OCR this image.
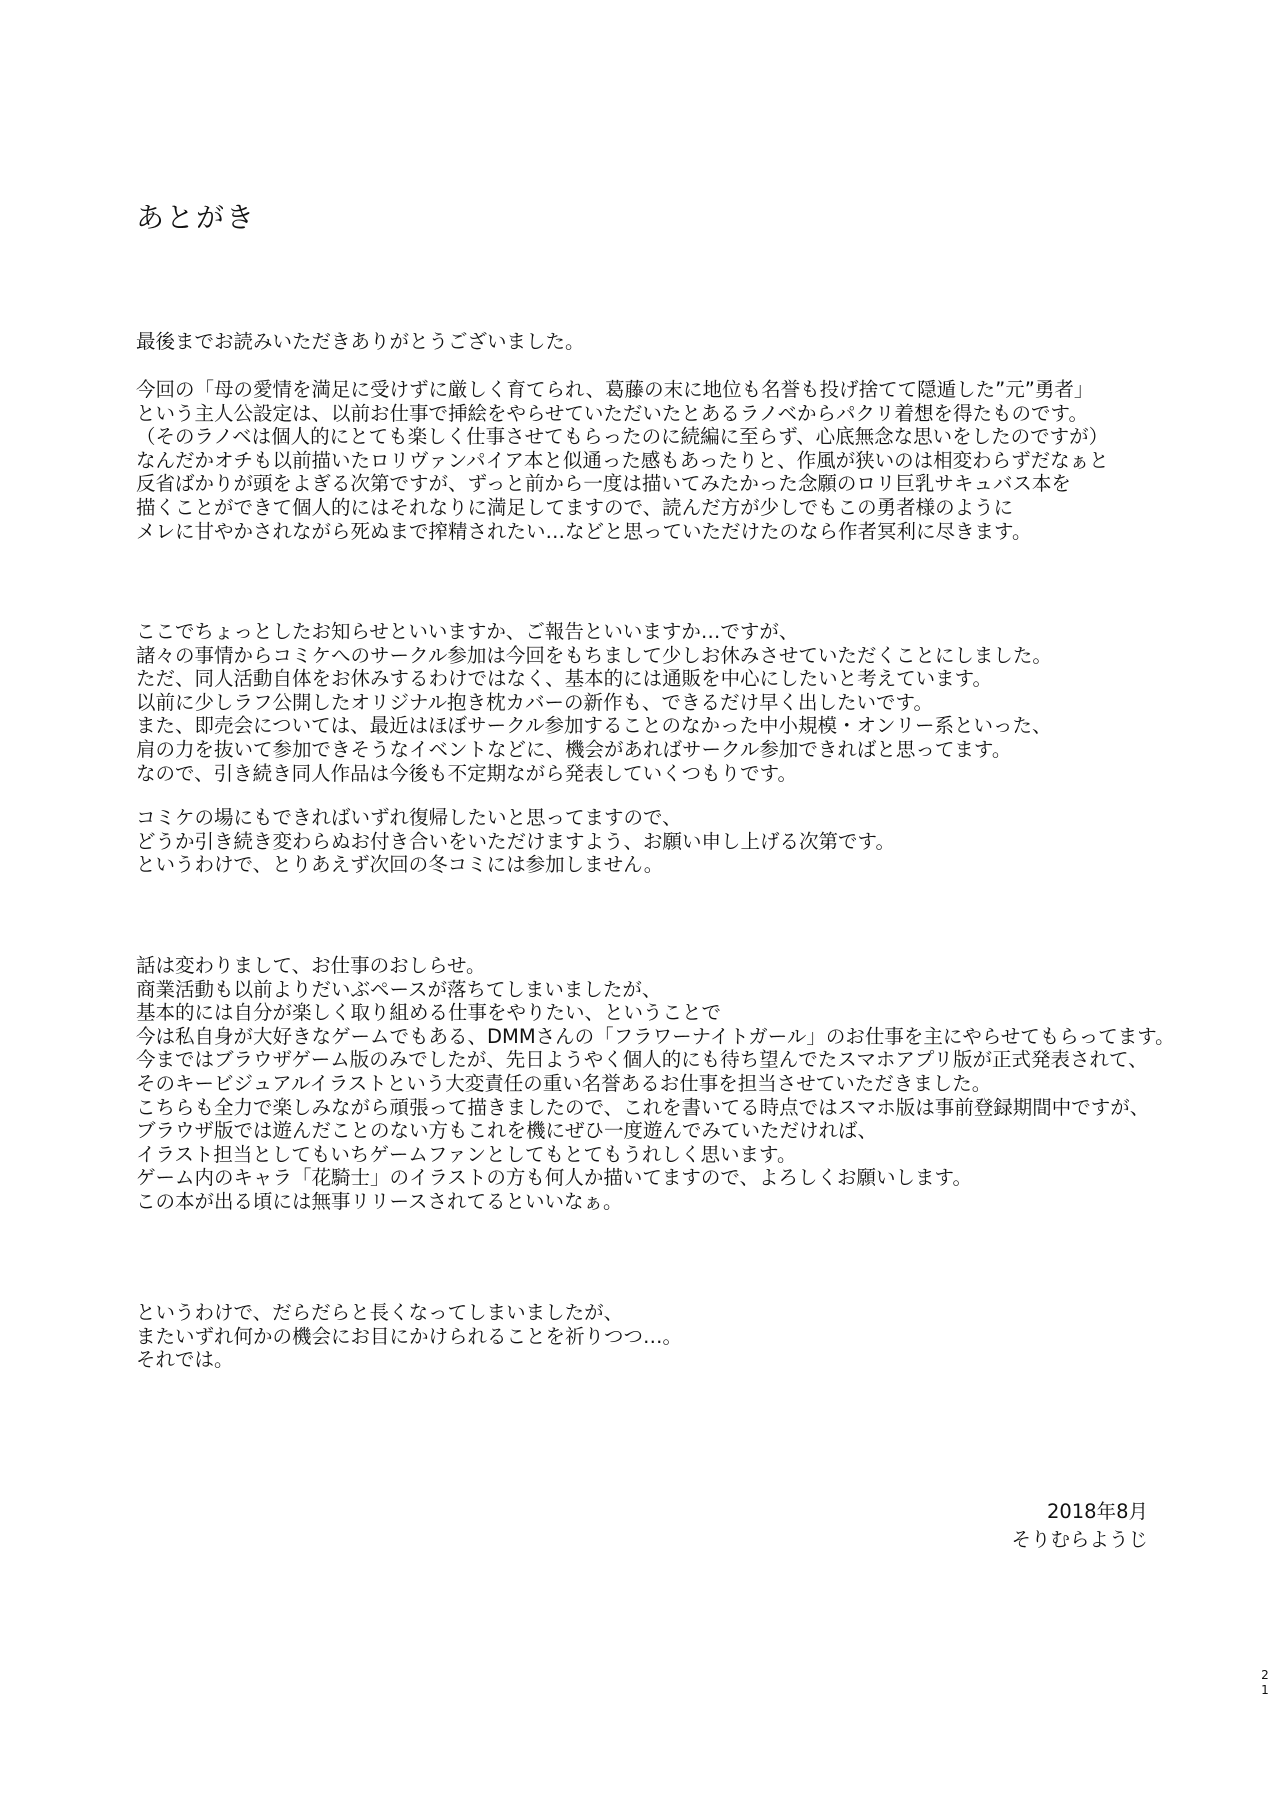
あとがき
最後までお読みいただきありがとうございました。
今回の「母の愛情を満足に受けずに厳しく育てられ、葛藤の末に地位も名誉も投げ捨てて隠遁した”元”勇者」
という主人公設定は、以前お仕事で挿絵をやらせていただいたとあるラノベからパクリ着想を得たものです。
（そのラノベは個人的にとても楽しく仕事させてもらったのに続編に至らず、心底無念な思いをしたのですが）
なんだかオチも以前描いたロリヴァンパイア本と似通った感もあったりと、作風が狭いのは相変わらずだなぁと
反省ばかりが頭をよぎる次第ですが、ずっと前から一度は描いてみたかった念願のロリ巨乳サキュバス本を
描くことができて個人的にはそれなりに満足してますので、読んだ方が少しでもこの勇者様のように
メレに甘やかされながら死ぬまで搾精されたい…などと思っていただけたのなら作者冥利に尽きます。
ここでちょっとしたお知らせといいますか、ご報告といいますか…ですが、
諸々の事情からコミケへのサークル参加は今回をもちまして少しお休みさせていただくことにしました。
ただ、同人活動自体をお休みするわけではなく、基本的には通販を中心にしたいと考えています。
以前に少しラフ公開したオリジナル抱き枕カバーの新作も、できるだけ早く出したいです。
また、即売会については、最近はほぼサークル参加することのなかった中小規模・オンリー系といった、
肩の力を抜いて参加できそうなイベントなどに、機会があればサークル参加できればと思ってます。
なので、引き続き同人作品は今後も不定期ながら発表していくつもりです。
コミケの場にもできればいずれ復帰したいと思ってますので、
どうか引き続き変わらぬお付き合いをいただけますよう、お願い申し上げる次第です。
というわけで、とりあえず次回の冬コミには参加しません。
話は変わりまして、お仕事のおしらせ。
商業活動も以前よりだいぶペースが落ちてしまいましたが、
基本的には自分が楽しく取り組める仕事をやりたい、ということで
今は私自身が大好きなゲームでもある、DMMさんの「フラワーナイトガール」のお仕事を主にやらせてもらってます。
今まではブラウザゲーム版のみでしたが、先日ようやく個人的にも待ち望んでたスマホアプリ版が正式発表されて、
そのキービジュアルイラストという大変責任の重い名誉あるお仕事を担当させていただきました。
こちらも全力で楽しみながら頑張って描きましたので、これを書いてる時点ではスマホ版は事前登録期間中ですが、
ブラウザ版では遊んだことのない方もこれを機にぜひ一度遊んでみていただければ、
イラスト担当としてもいちゲームファンとしてもとてもうれしく思います。
ゲーム内のキャラ「花騎士」のイラストの方も何人か描いてますので、よろしくお願いします。
この本が出る頃には無事リリースされてるといいなぁ。
というわけで、だらだらと長くなってしまいましたが、
またいずれ何かの機会にお目にかけられることを祈りつつ…。
それでは。
2018年8月
そりむらようじ
2
1
